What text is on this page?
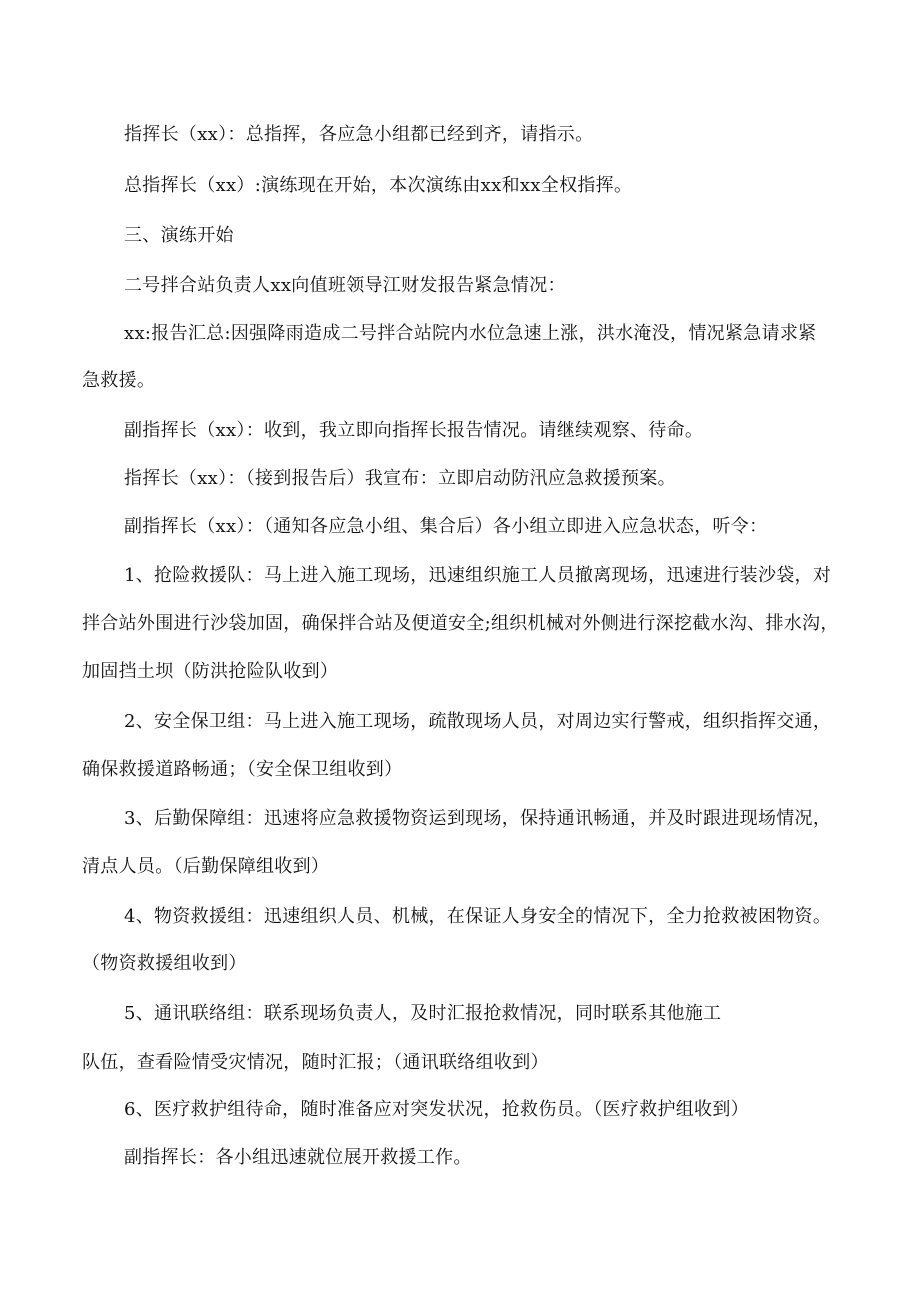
指挥长（xx）：总指挥，各应急小组都已经到齐，请指示。
总指挥长（xx）:演练现在开始，本次演练由xx和xx全权指挥。
三、演练开始
二号拌合站负责人xx向值班领导江财发报告紧急情况：
xx:报告汇总:因强降雨造成二号拌合站院内水位急速上涨，洪水淹没，情况紧急请求紧
急救援。
副指挥长（xx）：收到，我立即向指挥长报告情况。请继续观察、待命。
指挥长（xx）：（接到报告后）我宣布：立即启动防汛应急救援预案。
副指挥长（xx）：（通知各应急小组、集合后）各小组立即进入应急状态，听令：
1、抢险救援队：马上进入施工现场，迅速组织施工人员撤离现场，迅速进行装沙袋，对
拌合站外围进行沙袋加固，确保拌合站及便道安全;组织机械对外侧进行深挖截水沟、排水沟，
加固挡土坝（防洪抢险队收到）
2、安全保卫组：马上进入施工现场，疏散现场人员，对周边实行警戒，组织指挥交通，
确保救援道路畅通；（安全保卫组收到）
3、后勤保障组：迅速将应急救援物资运到现场，保持通讯畅通，并及时跟进现场情况，
清点人员。（后勤保障组收到）
4、物资救援组：迅速组织人员、机械，在保证人身安全的情况下，全力抢救被困物资。
（物资救援组收到）
5、通讯联络组：联系现场负责人，及时汇报抢救情况，同时联系其他施工
队伍，查看险情受灾情况，随时汇报；（通讯联络组收到）
6、医疗救护组待命，随时准备应对突发状况，抢救伤员。（医疗救护组收到）
副指挥长：各小组迅速就位展开救援工作。
